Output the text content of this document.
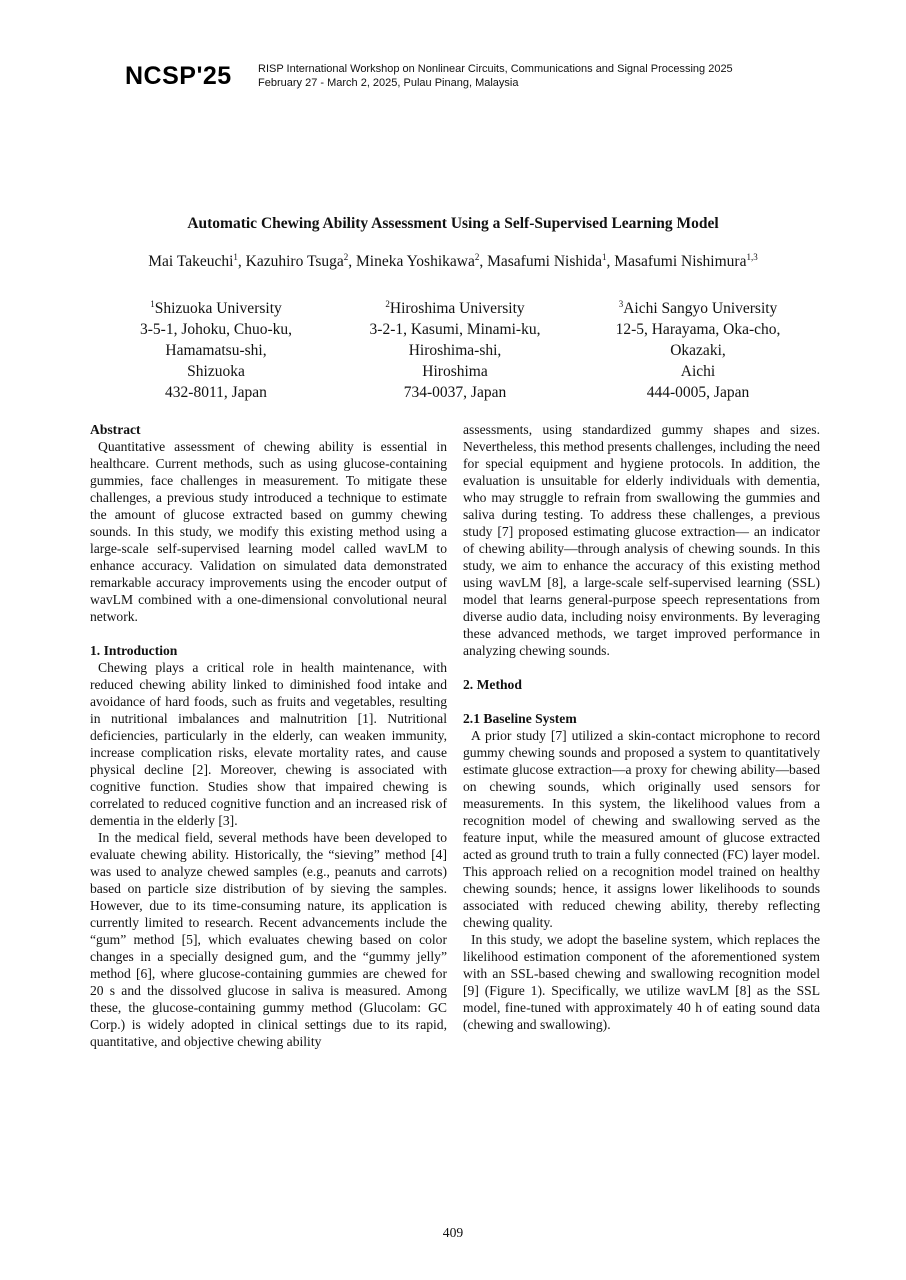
NCSP'25 RISP International Workshop on Nonlinear Circuits, Communications and Signal Processing 2025
February 27 - March 2, 2025, Pulau Pinang, Malaysia
Automatic Chewing Ability Assessment Using a Self-Supervised Learning Model
Mai Takeuchi$^1$, Kazuhiro Tsuga$^2$, Mineka Yoshikawa$^2$, Masafumi Nishida$^1$, Masafumi Nishimura$^{1,3}$
$^1$Shizuoka University
3-5-1, Johoku, Chuo-ku,
Hamamatsu-shi,
Shizuoka
432-8011, Japan
$^2$Hiroshima University
3-2-1, Kasumi, Minami-ku,
Hiroshima-shi,
Hiroshima
734-0037, Japan
$^3$Aichi Sangyo University
12-5, Harayama, Oka-cho,
Okazaki,
Aichi
444-0005, Japan
Abstract

Quantitative assessment of chewing ability is essential in healthcare. Current methods, such as using glucose-containing gummies, face challenges in measurement. To mitigate these challenges, a previous study introduced a technique to estimate the amount of glucose extracted based on gummy chewing sounds. In this study, we modify this existing method using a large-scale self-supervised learning model called wavLM to enhance accuracy. Validation on simulated data demonstrated remarkable accuracy improvements using the encoder output of wavLM combined with a one-dimensional convolutional neural network.

1. Introduction

Chewing plays a critical role in health maintenance, with reduced chewing ability linked to diminished food intake and avoidance of hard foods, such as fruits and vegetables, resulting in nutritional imbalances and malnutrition [1]. Nutritional deficiencies, particularly in the elderly, can weaken immunity, increase complication risks, elevate mortality rates, and cause physical decline [2]. Moreover, chewing is associated with cognitive function. Studies show that impaired chewing is correlated to reduced cognitive function and an increased risk of dementia in the elderly [3].

In the medical field, several methods have been developed to evaluate chewing ability. Historically, the “sieving” method [4] was used to analyze chewed samples (e.g., peanuts and carrots) based on particle size distribution of by sieving the samples. However, due to its time-consuming nature, its application is currently limited to research. Recent advancements include the “gum” method [5], which evaluates chewing based on color changes in a specially designed gum, and the “gummy jelly” method [6], where glucose-containing gummies are chewed for 20 s and the dissolved glucose in saliva is measured. Among these, the glucose-containing gummy method (Glucolam: GC Corp.) is widely adopted in clinical settings due to its rapid, quantitative, and objective chewing ability

assessments, using standardized gummy shapes and sizes. Nevertheless, this method presents challenges, including the need for special equipment and hygiene protocols. In addition, the evaluation is unsuitable for elderly individuals with dementia, who may struggle to refrain from swallowing the gummies and saliva during testing. To address these challenges, a previous study [7] proposed estimating glucose extraction— an indicator of chewing ability—through analysis of chewing sounds. In this study, we aim to enhance the accuracy of this existing method using wavLM [8], a large-scale self-supervised learning (SSL) model that learns general-purpose speech representations from diverse audio data, including noisy environments. By leveraging these advanced methods, we target improved performance in analyzing chewing sounds.

2. Method
2.1 Baseline System

A prior study [7] utilized a skin-contact microphone to record gummy chewing sounds and proposed a system to quantitatively estimate glucose extraction—a proxy for chewing ability—based on chewing sounds, which originally used sensors for measurements. In this system, the likelihood values from a recognition model of chewing and swallowing served as the feature input, while the measured amount of glucose extracted acted as ground truth to train a fully connected (FC) layer model. This approach relied on a recognition model trained on healthy chewing sounds; hence, it assigns lower likelihoods to sounds associated with reduced chewing ability, thereby reflecting chewing quality.

In this study, we adopt the baseline system, which replaces the likelihood estimation component of the aforementioned system with an SSL-based chewing and swallowing recognition model [9] (Figure 1). Specifically, we utilize wavLM [8] as the SSL model, fine-tuned with approximately 40 h of eating sound data (chewing and swallowing).

409
